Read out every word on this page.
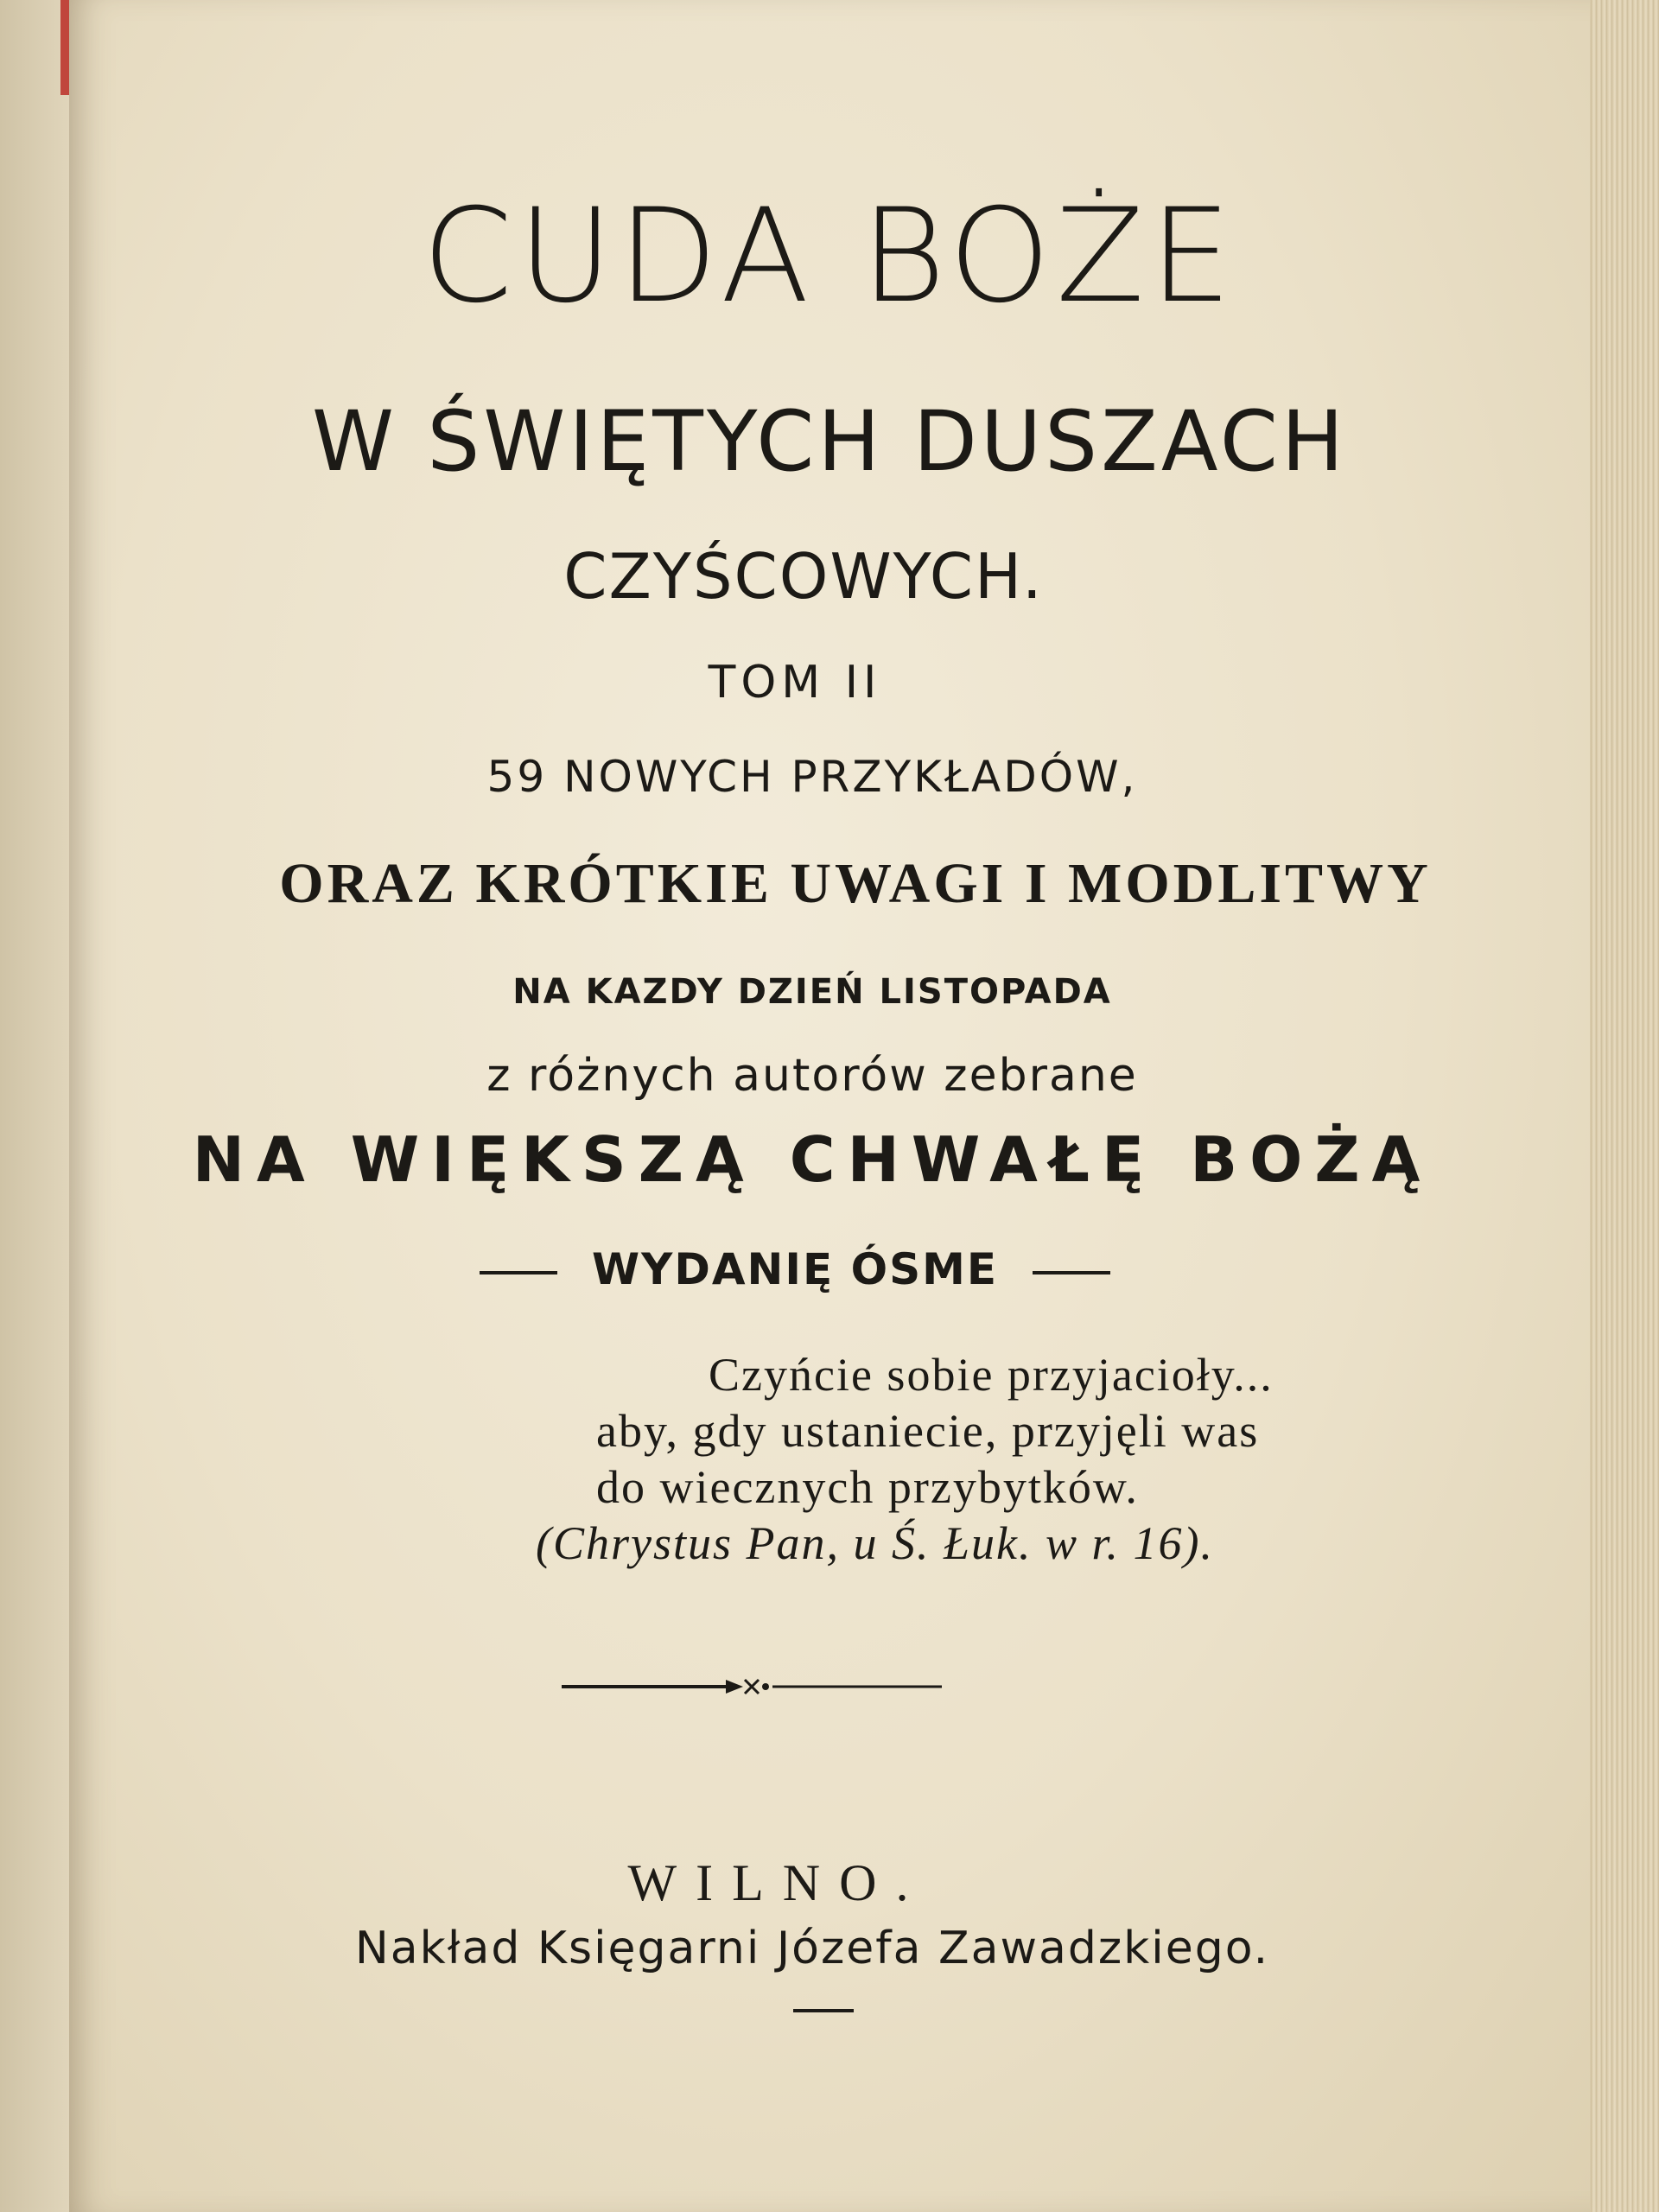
CUDA BOŻE
W ŚWIĘTYCH DUSZACH
CZYŚCOWYCH.
TOM II
59 NOWYCH PRZYKŁADÓW,
ORAZ KRÓTKIE UWAGI I MODLITWY
NA KAZDY DZIEŃ LISTOPADA
z różnych autorów zebrane
NA WIĘKSZĄ CHWAŁĘ BOŻĄ
WYDANIĘ ÓSME
Czyńcie sobie przyjacioły...
aby, gdy ustaniecie, przyjęli was
do wiecznych przybytków.
(Chrystus Pan, u Ś. Łuk. w r. 16).
WILNO.
Nakład Księgarni Józefa Zawadzkiego.
